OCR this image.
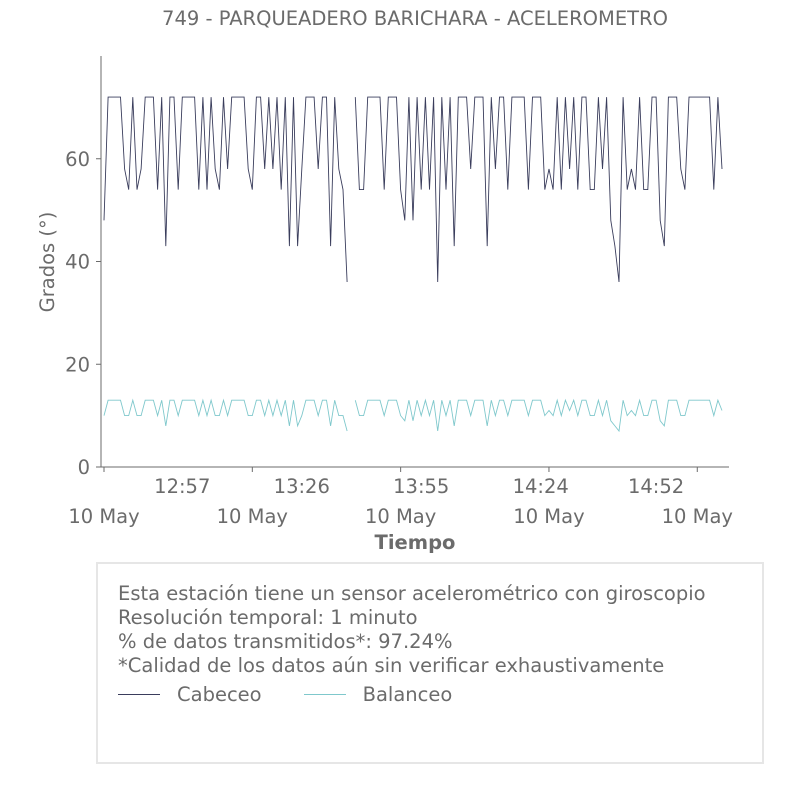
749 - PARQUEADERO BARICHARA - ACELEROMETRO
0
20
40
60
12:57	13:26	13:55	14:24	14:52
10 May	10 May	10 May	10 May	10 May
Grados (°)
Tiempo
Esta estación tiene un sensor acelerométrico con giroscopio
Resolución temporal: 1 minuto
% de datos transmitidos*: 97.24%
*Calidad de los datos aún sin verificar exhaustivamente
Cabeceo	Balanceo
